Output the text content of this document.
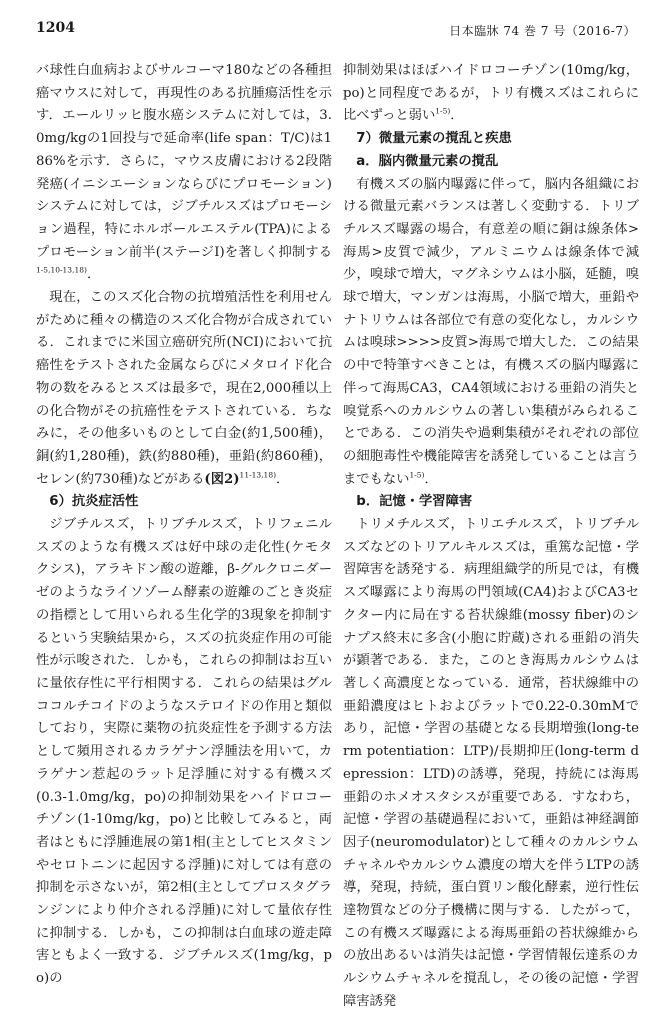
1204	日本臨牀 74 巻 7 号（2016-7）

バ球性白血病およびサルコーマ180などの各種担癌マウスに対して，再現性のある抗腫瘍活性を示す．エールリッヒ腹水癌システムに対しては，3.0mg/kgの1回投与で延命率(life span：T/C)は186%を示す．さらに，マウス皮膚における2段階発癌(イニシエーションならびにプロモーション)システムに対しては，ジブチルスズはプロモーション過程，特にホルボールエステル(TPA)によるプロモーション前半(ステージI)を著しく抑制する$^{1-5,10-13,18)}$．

現在，このスズ化合物の抗増殖活性を利用せんがために種々の構造のスズ化合物が合成されている．これまでに米国立癌研究所(NCI)において抗癌性をテストされた金属ならびにメタロイド化合物の数をみるとスズは最多で，現在2,000種以上の化合物がその抗癌性をテストされている．ちなみに，その他多いものとして白金(約1,500種)，銅(約1,280種)，鉄(約880種)，亜鉛(約860種)，セレン(約730種)などがある(図2)$^{11-13,18)}$．

6）抗炎症活性

ジブチルスズ，トリブチルスズ，トリフェニルスズのような有機スズは好中球の走化性(ケモタクシス)，アラキドン酸の遊離，β-グルクロニダーゼのようなライソゾーム酵素の遊離のごとき炎症の指標として用いられる生化学的3現象を抑制するという実験結果から，スズの抗炎症作用の可能性が示唆された．しかも，これらの抑制はお互いに量依存性に平行相関する．これらの結果はグルココルチコイドのようなステロイドの作用と類似しており，実際に薬物の抗炎症性を予測する方法として頻用されるカラゲナン浮腫法を用いて，カラゲナン惹起のラット足浮腫に対する有機スズ(0.3-1.0mg/kg，po)の抑制効果をハイドロコーチゾン(1-10mg/kg，po)と比較してみると，両者はともに浮腫進展の第1相(主としてヒスタミンやセロトニンに起因する浮腫)に対しては有意の抑制を示さないが，第2相(主としてプロスタグランジンにより仲介される浮腫)に対して量依存性に抑制する．しかも，この抑制は白血球の遊走障害ともよく一致する．ジブチルスズ(1mg/kg，po)の

抑制効果はほぼハイドロコーチゾン(10mg/kg，po)と同程度であるが，トリ有機スズはこれらに比べずっと弱い$^{1-5)}$．

7）微量元素の撹乱と疾患
a．脳内微量元素の撹乱

有機スズの脳内曝露に伴って，脳内各組織における微量元素バランスは著しく変動する．トリブチルスズ曝露の場合，有意差の順に銅は線条体>海馬>皮質で減少，アルミニウムは線条体で減少，嗅球で増大，マグネシウムは小脳，延髄，嗅球で増大，マンガンは海馬，小脳で増大，亜鉛やナトリウムは各部位で有意の変化なし，カルシウムは嗅球>>>>皮質>海馬で増大した．この結果の中で特筆すべきことは，有機スズの脳内曝露に伴って海馬CA3，CA4領域における亜鉛の消失と嗅覚系へのカルシウムの著しい集積がみられることである．この消失や過剰集積がそれぞれの部位の細胞毒性や機能障害を誘発していることは言うまでもない$^{1-5)}$．

b．記憶・学習障害

トリメチルスズ，トリエチルスズ，トリブチルスズなどのトリアルキルスズは，重篤な記憶・学習障害を誘発する．病理組織学的所見では，有機スズ曝露により海馬の門領域(CA4)およびCA3セクター内に局在する苔状線維(mossy fiber)のシナプス終末に多含(小胞に貯蔵)される亜鉛の消失が顕著である．また，このとき海馬カルシウムは著しく高濃度となっている．通常，苔状線維中の亜鉛濃度はヒトおよびラットで0.22-0.30mMであり，記憶・学習の基礎となる長期増強(long-term potentiation：LTP)/長期抑圧(long-term depression：LTD)の誘導，発現，持続には海馬亜鉛のホメオスタシスが重要である．すなわち，記憶・学習の基礎過程において，亜鉛は神経調節因子(neuromodulator)として種々のカルシウムチャネルやカルシウム濃度の増大を伴うLTPの誘導，発現，持続，蛋白質リン酸化酵素，逆行性伝達物質などの分子機構に関与する．したがって，この有機スズ曝露による海馬亜鉛の苔状線維からの放出あるいは消失は記憶・学習情報伝達系のカルシウムチャネルを撹乱し，その後の記憶・学習障害誘発
